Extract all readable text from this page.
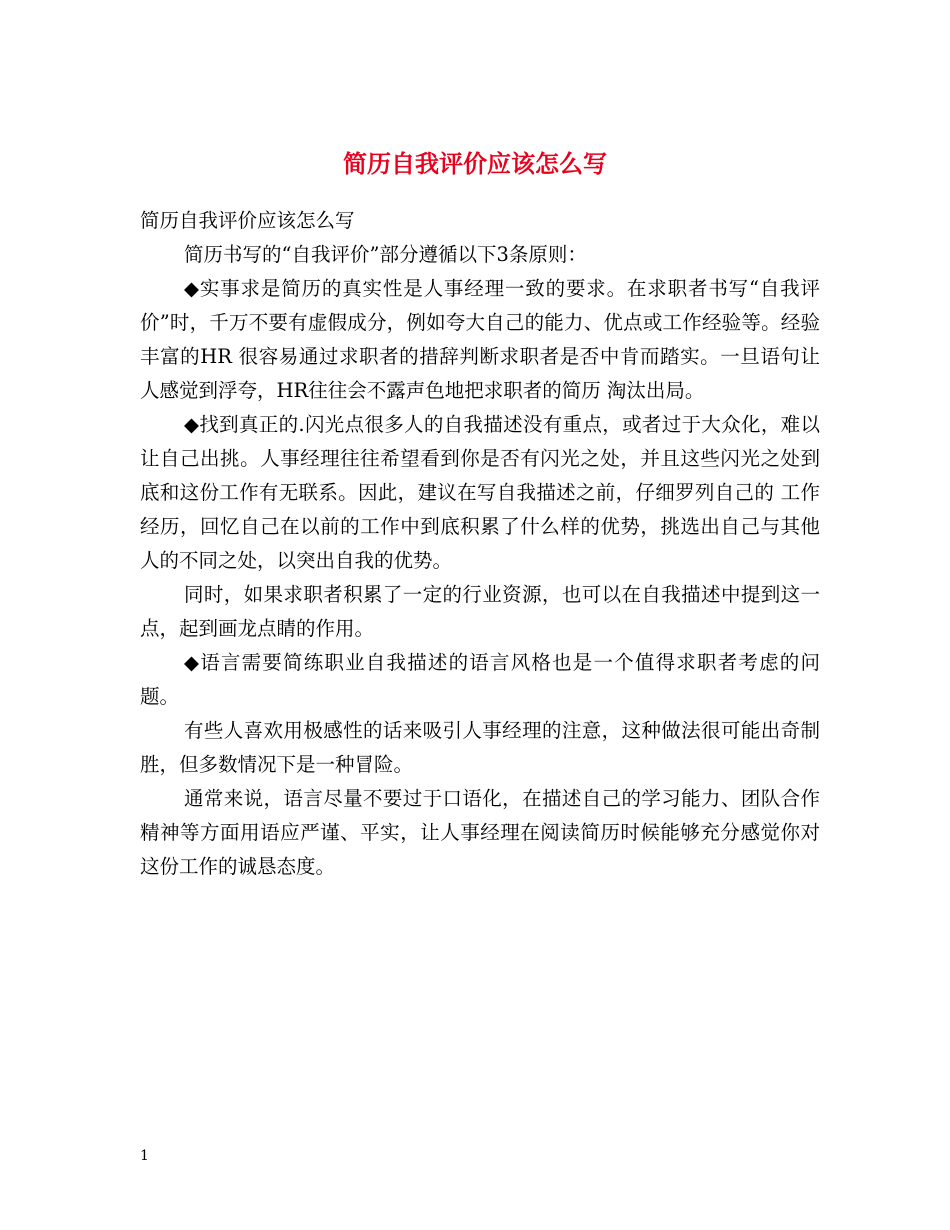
简历自我评价应该怎么写

简历自我评价应该怎么写

简历书写的“自我评价”部分遵循以下3条原则：

◆实事求是简历的真实性是人事经理一致的要求。在求职者书写“自我评价”时，千万不要有虚假成分，例如夸大自己的能力、优点或工作经验等。经验丰富的HR 很容易通过求职者的措辞判断求职者是否中肯而踏实。一旦语句让人感觉到浮夸，HR往往会不露声色地把求职者的简历 淘汰出局。

◆找到真正的.闪光点很多人的自我描述没有重点，或者过于大众化，难以让自己出挑。人事经理往往希望看到你是否有闪光之处，并且这些闪光之处到底和这份工作有无联系。因此，建议在写自我描述之前，仔细罗列自己的 工作经历，回忆自己在以前的工作中到底积累了什么样的优势，挑选出自己与其他人的不同之处，以突出自我的优势。

同时，如果求职者积累了一定的行业资源，也可以在自我描述中提到这一点，起到画龙点睛的作用。

◆语言需要简练职业自我描述的语言风格也是一个值得求职者考虑的问题。

有些人喜欢用极感性的话来吸引人事经理的注意，这种做法很可能出奇制胜，但多数情况下是一种冒险。

通常来说，语言尽量不要过于口语化，在描述自己的学习能力、团队合作精神等方面用语应严谨、平实，让人事经理在阅读简历时候能够充分感觉你对这份工作的诚恳态度。

1
